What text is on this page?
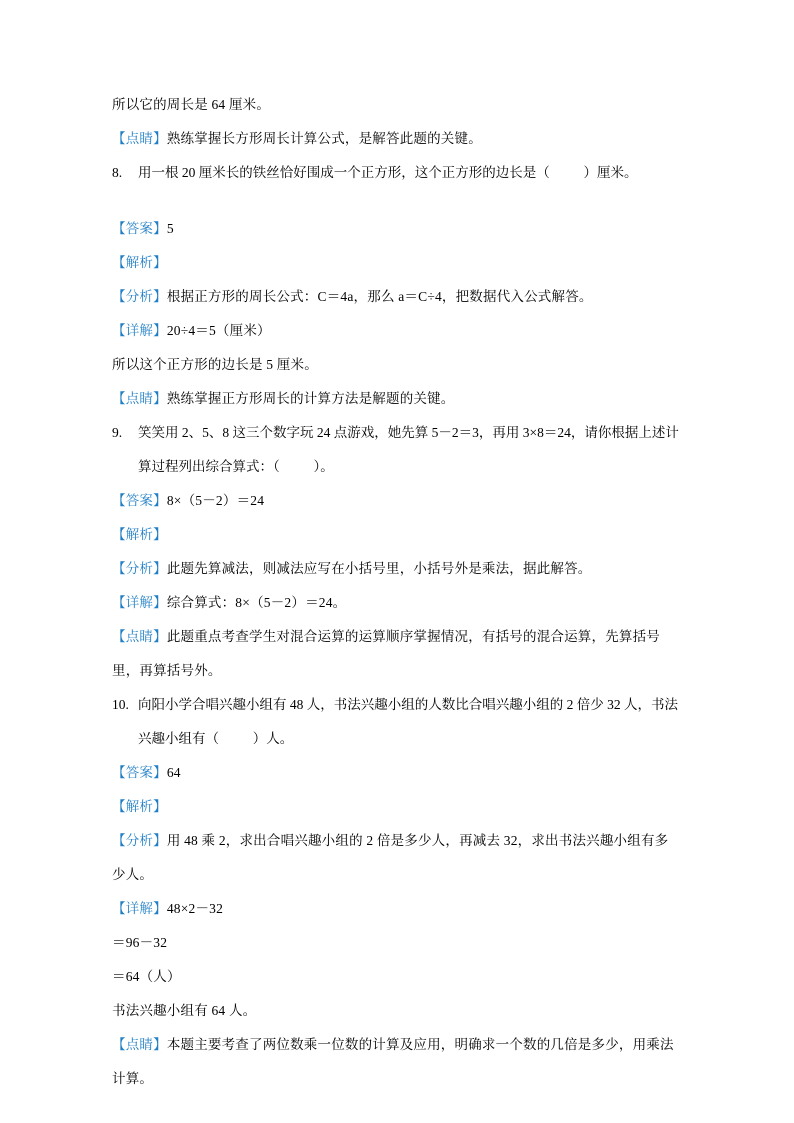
所以它的周长是 64 厘米。
【点睛】熟练掌握长方形周长计算公式，是解答此题的关键。
8.	用一根 20 厘米长的铁丝恰好围成一个正方形，这个正方形的边长是（          ）厘米。
【答案】5
【解析】
【分析】根据正方形的周长公式：C＝4a，那么 a＝C÷4，把数据代入公式解答。
【详解】20÷4＝5（厘米）
所以这个正方形的边长是 5 厘米。
【点睛】熟练掌握正方形周长的计算方法是解题的关键。
9.	笑笑用 2、5、8 这三个数字玩 24 点游戏，她先算 5－2＝3，再用 3×8＝24，请你根据上述计算过程列出综合算式：（          ）。
【答案】8×（5－2）＝24
【解析】
【分析】此题先算减法，则减法应写在小括号里，小括号外是乘法，据此解答。
【详解】综合算式：8×（5－2）＝24。
【点睛】此题重点考查学生对混合运算的运算顺序掌握情况，有括号的混合运算，先算括号里，再算括号外。
10. 向阳小学合唱兴趣小组有 48 人，书法兴趣小组的人数比合唱兴趣小组的 2 倍少 32 人，书法兴趣小组有（          ）人。
【答案】64
【解析】
【分析】用 48 乘 2，求出合唱兴趣小组的 2 倍是多少人，再减去 32，求出书法兴趣小组有多少人。
【详解】48×2－32
＝96－32
＝64（人）
书法兴趣小组有 64 人。
【点睛】本题主要考查了两位数乘一位数的计算及应用，明确求一个数的几倍是多少，用乘法计算。
